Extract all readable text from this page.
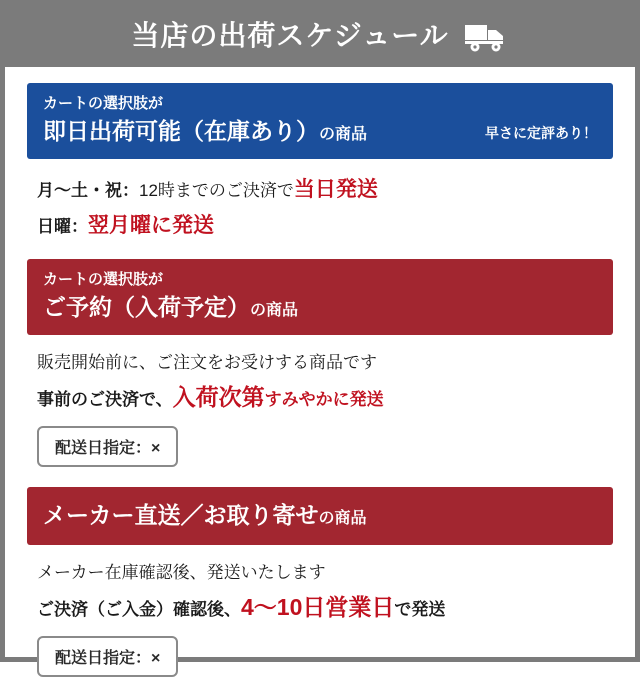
当店の出荷スケジュール
カートの選択肢が
即日出荷可能（在庫あり）の商品	早さに定評あり！
月～土・祝：12時までのご決済で当日発送
日曜：翌月曜に発送
カートの選択肢が
ご予約（入荷予定）の商品
販売開始前に、ご注文をお受けする商品です
事前のご決済で、入荷次第すみやかに発送
配送日指定：×
メーカー直送／お取り寄せの商品
メーカー在庫確認後、発送いたします
ご決済（ご入金）確認後、4～10日営業日で発送
配送日指定：×
